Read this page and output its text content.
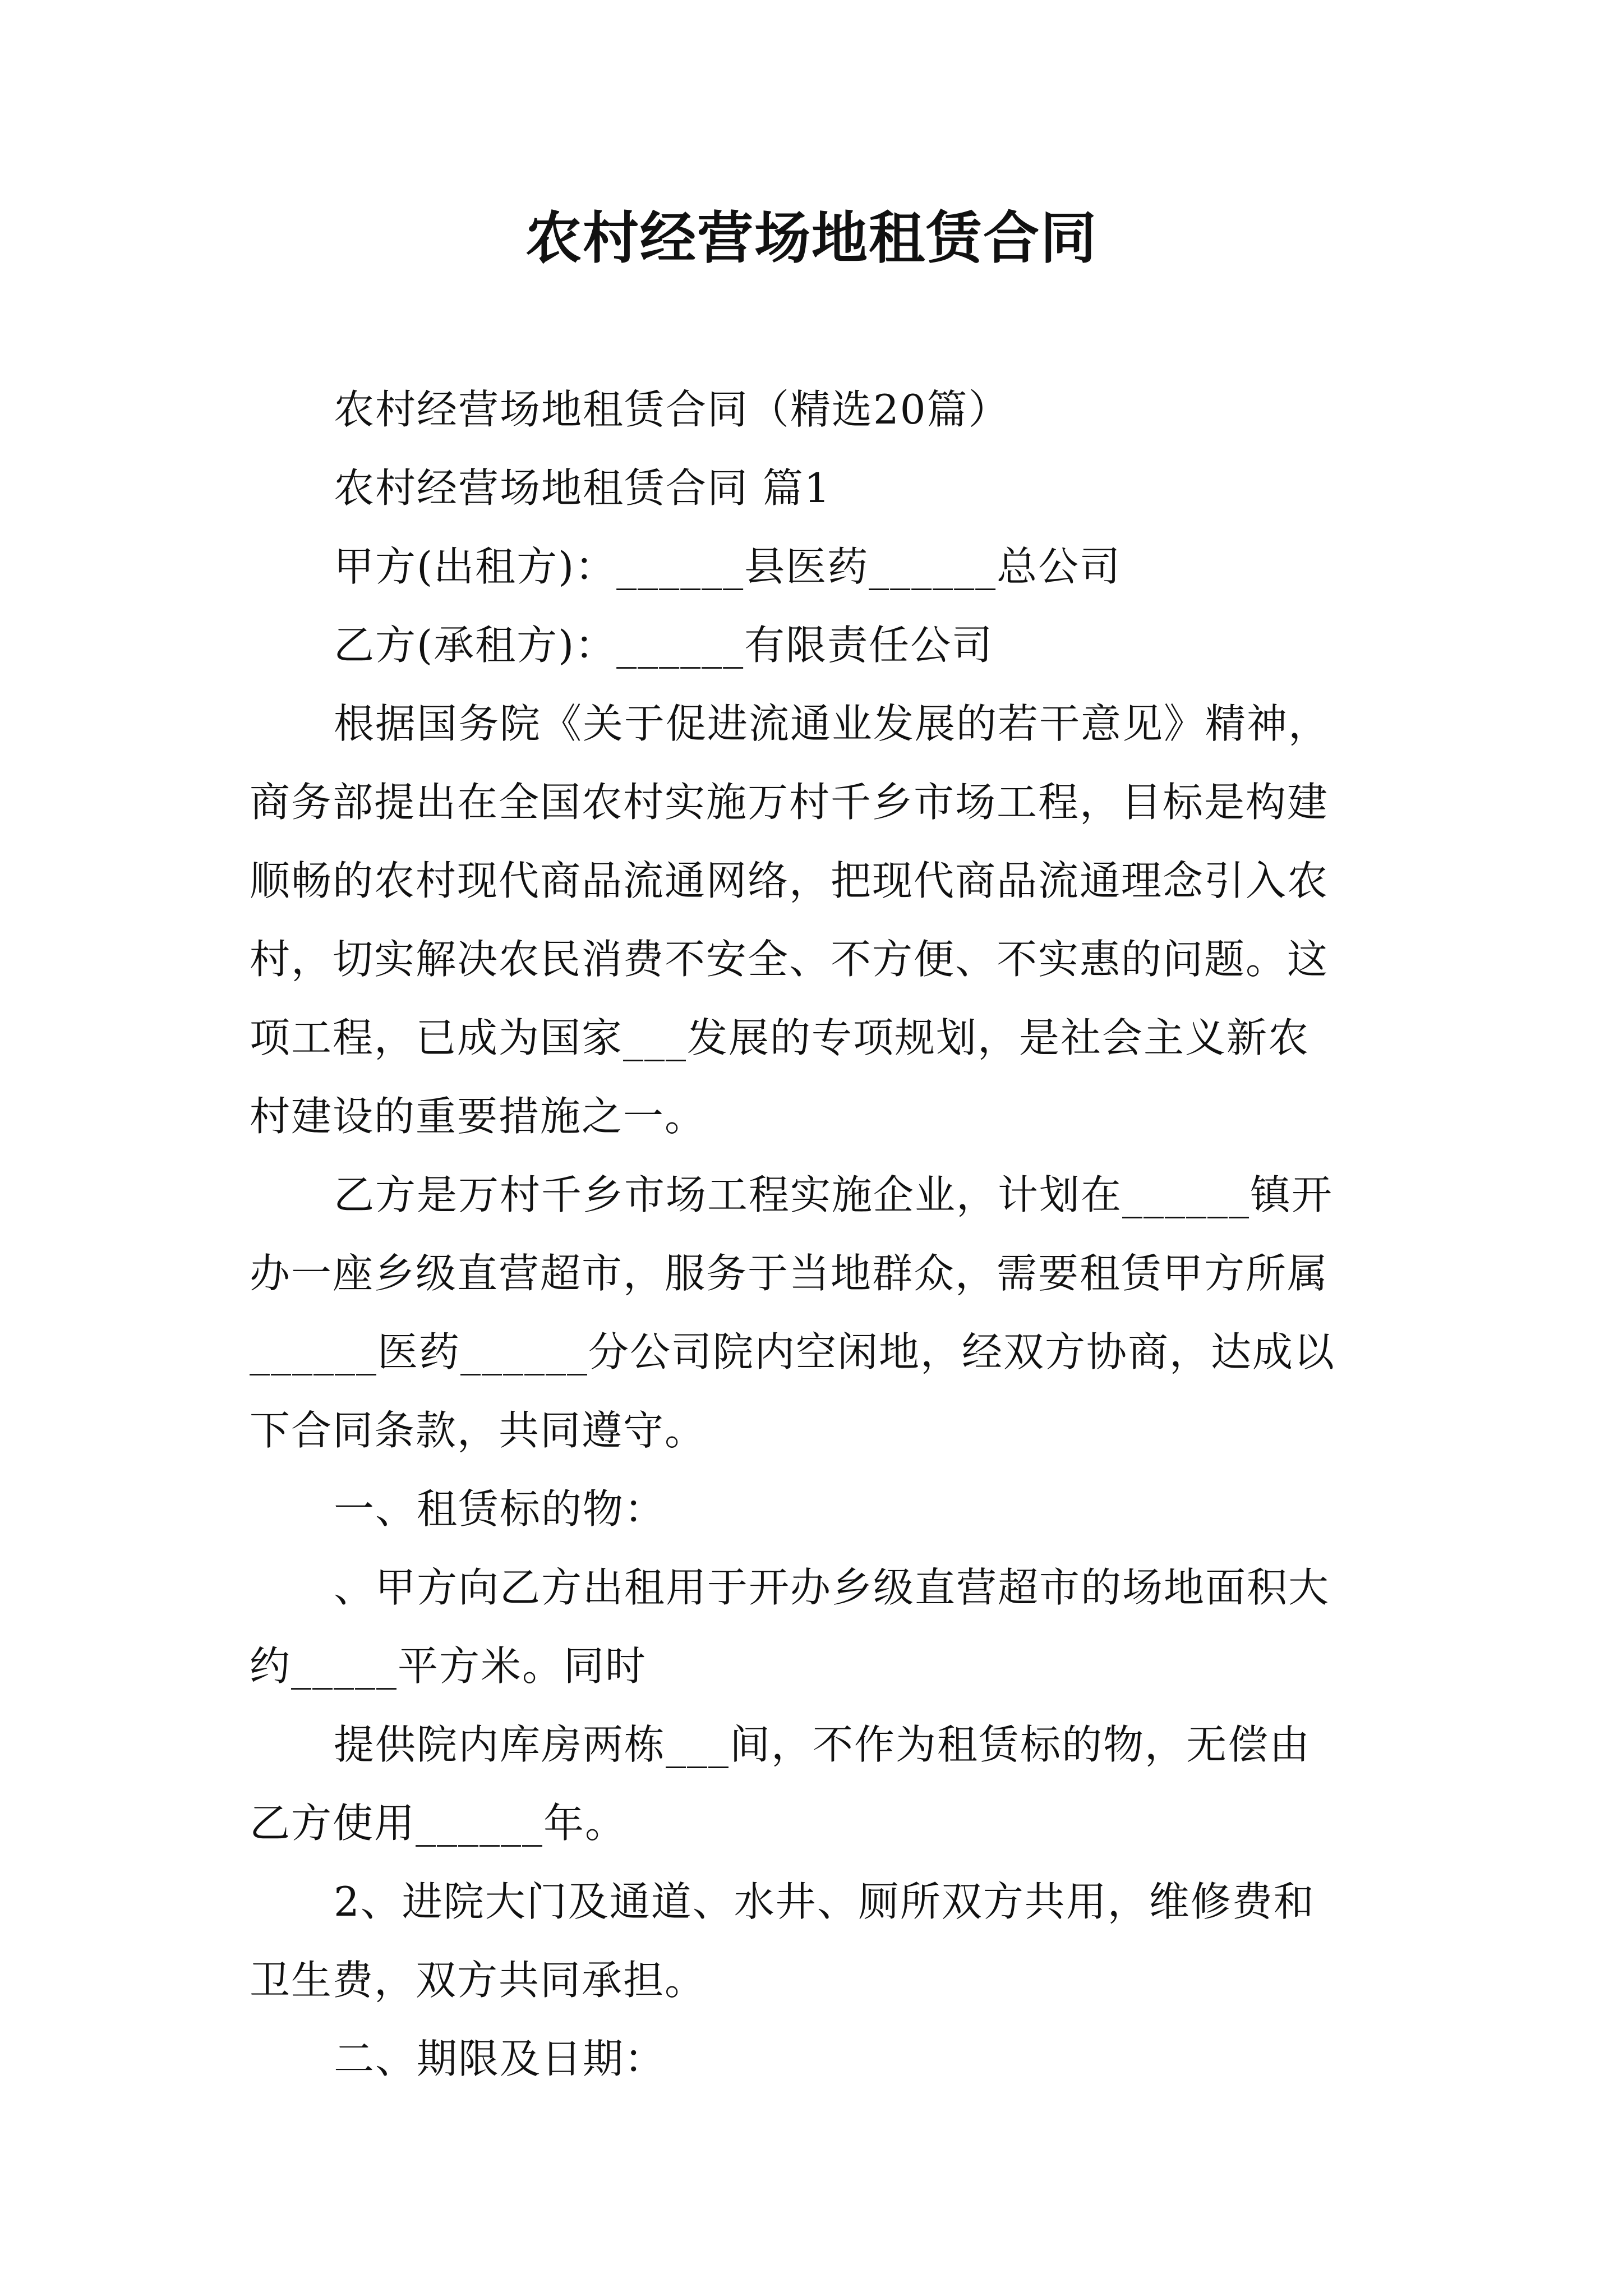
农村经营场地租赁合同
农村经营场地租赁合同（精选20篇）
农村经营场地租赁合同 篇1
甲方(出租方)：______县医药______总公司
乙方(承租方)：______有限责任公司
根据国务院《关于促进流通业发展的若干意见》精神，
商务部提出在全国农村实施万村千乡市场工程，目标是构建
顺畅的农村现代商品流通网络，把现代商品流通理念引入农
村，切实解决农民消费不安全、不方便、不实惠的问题。这
项工程，已成为国家___发展的专项规划，是社会主义新农
村建设的重要措施之一。
乙方是万村千乡市场工程实施企业，计划在______镇开
办一座乡级直营超市，服务于当地群众，需要租赁甲方所属
______医药______分公司院内空闲地，经双方协商，达成以
下合同条款，共同遵守。
一、租赁标的物：
、甲方向乙方出租用于开办乡级直营超市的场地面积大
约_____平方米。同时
提供院内库房两栋___间，不作为租赁标的物，无偿由
乙方使用______年。
2、进院大门及通道、水井、厕所双方共用，维修费和
卫生费，双方共同承担。
二、期限及日期：
